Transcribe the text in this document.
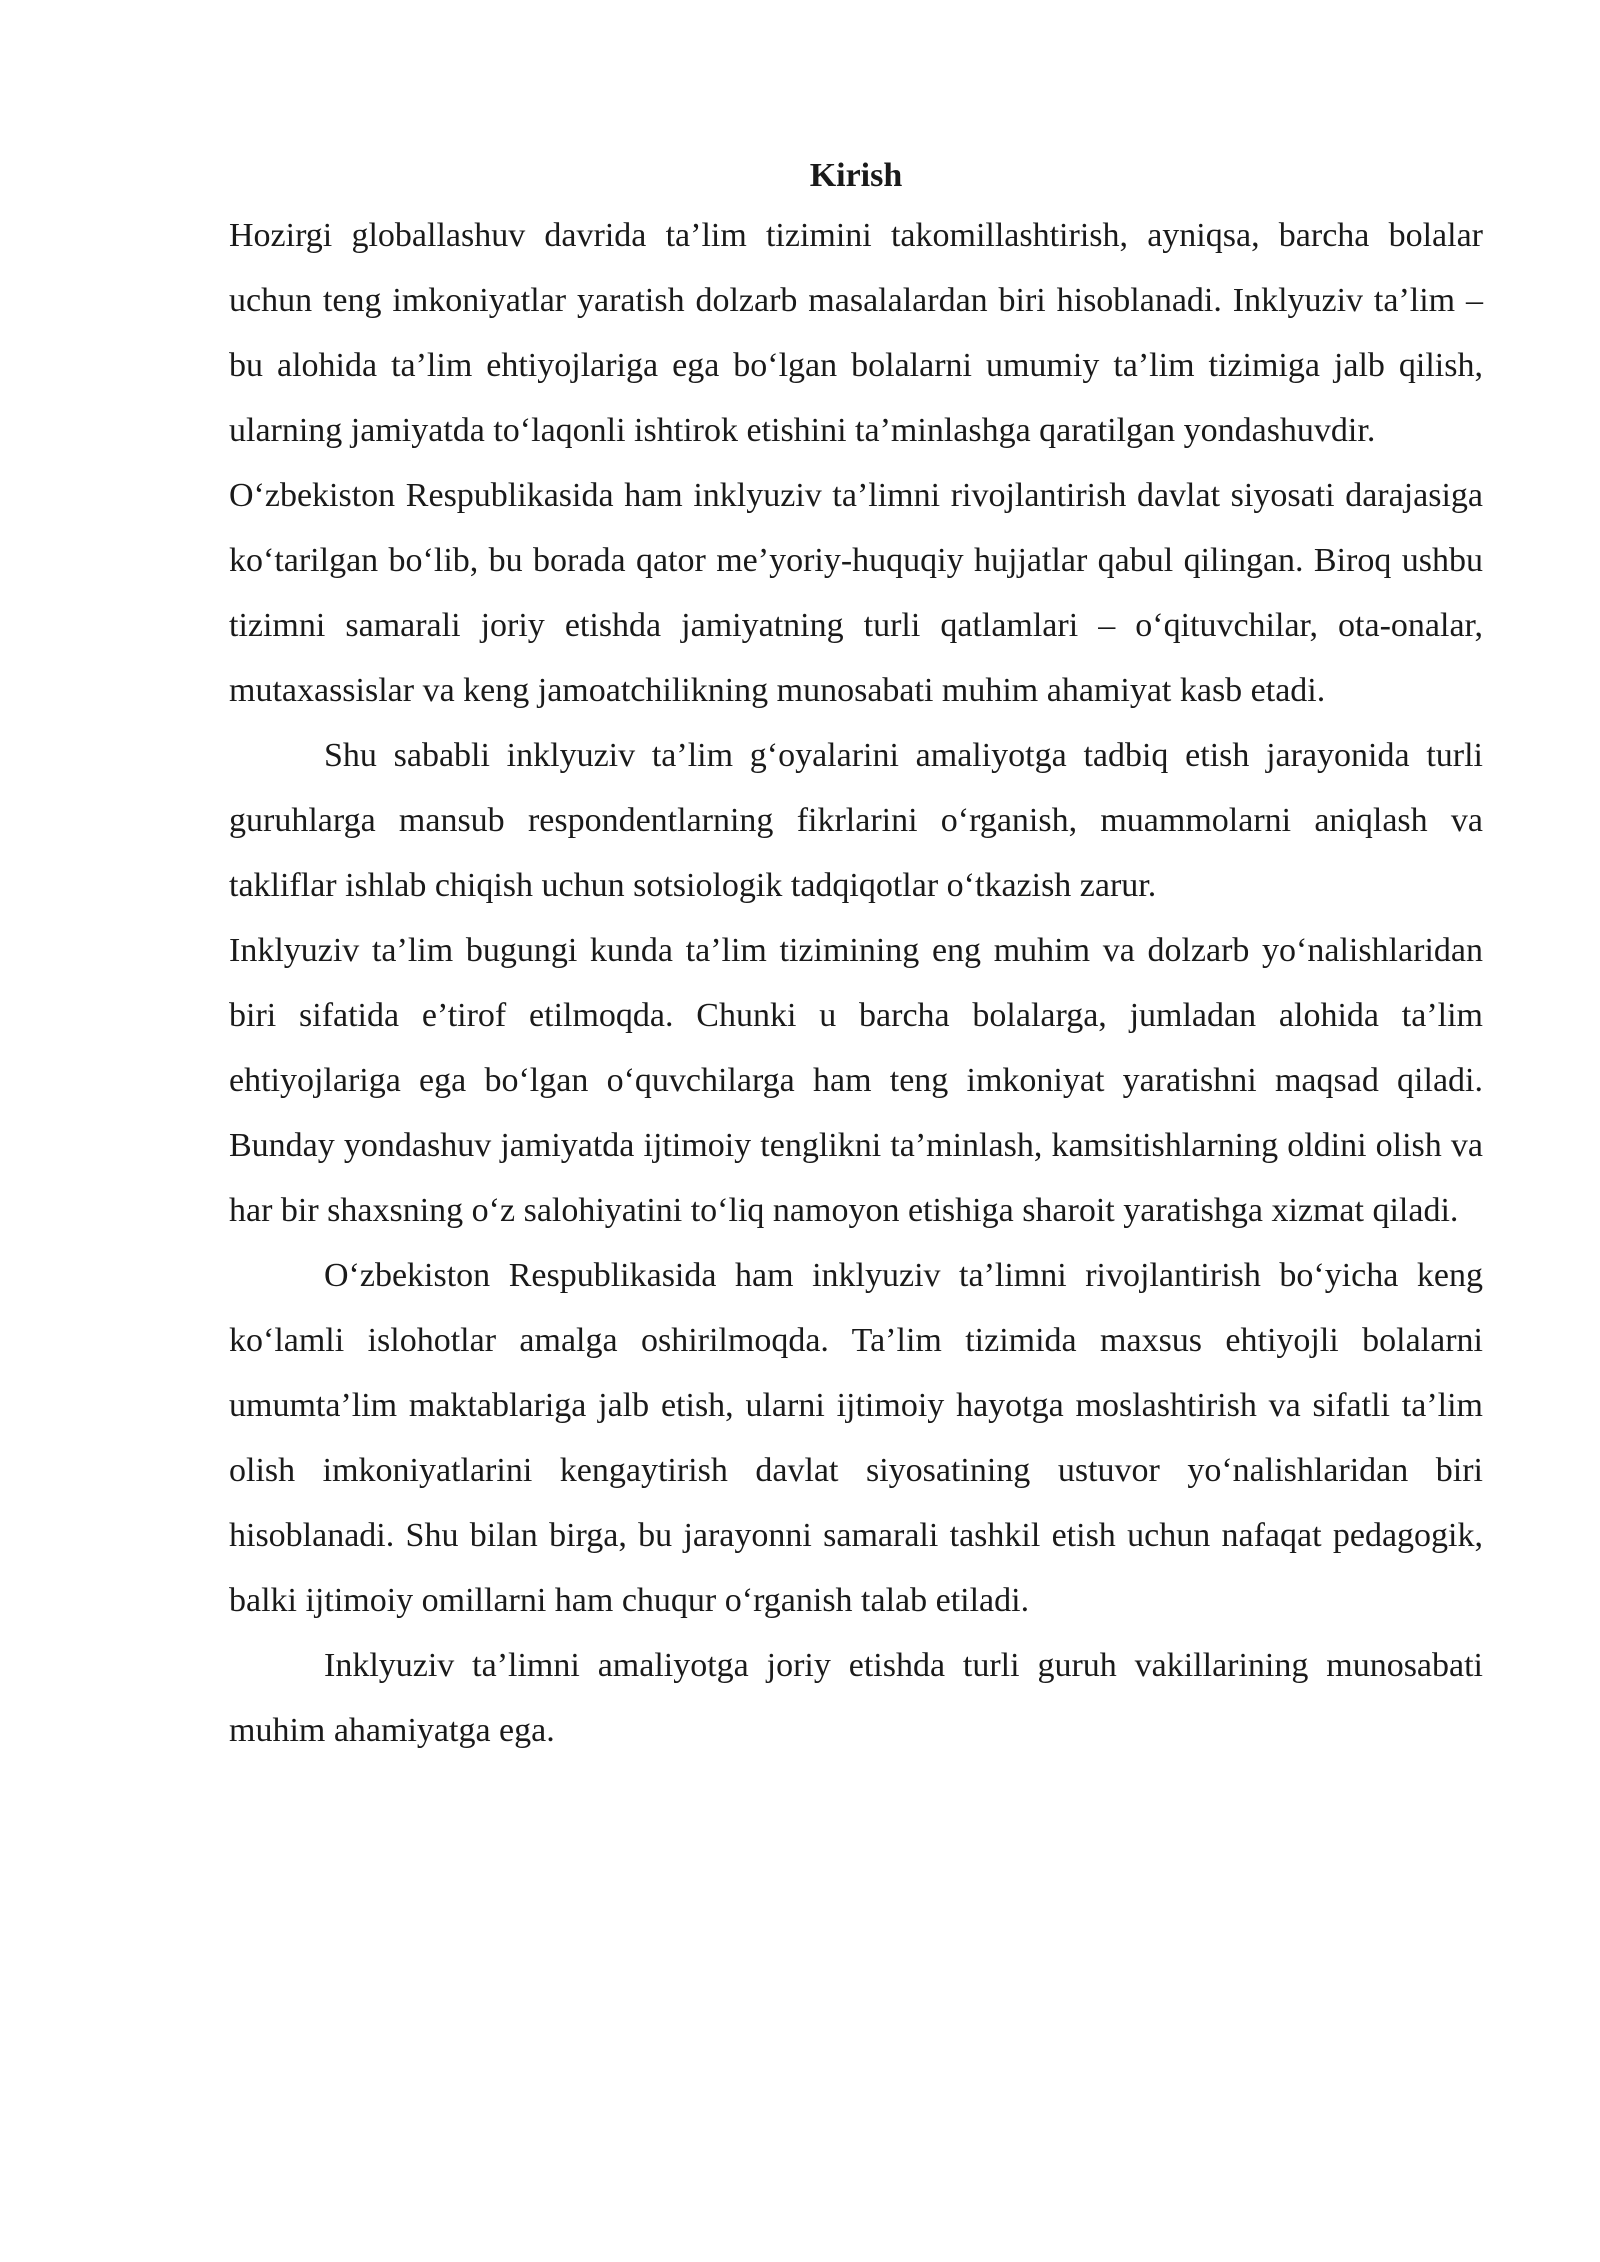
Kirish

Hozirgi globallashuv davrida ta’lim tizimini takomillashtirish, ayniqsa, barcha bolalar uchun teng imkoniyatlar yaratish dolzarb masalalardan biri hisoblanadi. Inklyuziv ta’lim – bu alohida ta’lim ehtiyojlariga ega bo‘lgan bolalarni umumiy ta’lim tizimiga jalb qilish, ularning jamiyatda to‘laqonli ishtirok etishini ta’minlashga qaratilgan yondashuvdir.

O‘zbekiston Respublikasida ham inklyuziv ta’limni rivojlantirish davlat siyosati darajasiga ko‘tarilgan bo‘lib, bu borada qator me’yoriy-huquqiy hujjatlar qabul qilingan. Biroq ushbu tizimni samarali joriy etishda jamiyatning turli qatlamlari – o‘qituvchilar, ota-onalar, mutaxassislar va keng jamoatchilikning munosabati muhim ahamiyat kasb etadi.

Shu sababli inklyuziv ta’lim g‘oyalarini amaliyotga tadbiq etish jarayonida turli guruhlarga mansub respondentlarning fikrlarini o‘rganish, muammolarni aniqlash va takliflar ishlab chiqish uchun sotsiologik tadqiqotlar o‘tkazish zarur.

Inklyuziv ta’lim bugungi kunda ta’lim tizimining eng muhim va dolzarb yo‘nalishlaridan biri sifatida e’tirof etilmoqda. Chunki u barcha bolalarga, jumladan alohida ta’lim ehtiyojlariga ega bo‘lgan o‘quvchilarga ham teng imkoniyat yaratishni maqsad qiladi. Bunday yondashuv jamiyatda ijtimoiy tenglikni ta’minlash, kamsitishlarning oldini olish va har bir shaxsning o‘z salohiyatini to‘liq namoyon etishiga sharoit yaratishga xizmat qiladi.

O‘zbekiston Respublikasida ham inklyuziv ta’limni rivojlantirish bo‘yicha keng ko‘lamli islohotlar amalga oshirilmoqda. Ta’lim tizimida maxsus ehtiyojli bolalarni umumta’lim maktablariga jalb etish, ularni ijtimoiy hayotga moslashtirish va sifatli ta’lim olish imkoniyatlarini kengaytirish davlat siyosatining ustuvor yo‘nalishlaridan biri hisoblanadi. Shu bilan birga, bu jarayonni samarali tashkil etish uchun nafaqat pedagogik, balki ijtimoiy omillarni ham chuqur o‘rganish talab etiladi.

Inklyuziv ta’limni amaliyotga joriy etishda turli guruh vakillarining munosabati muhim ahamiyatga ega.
